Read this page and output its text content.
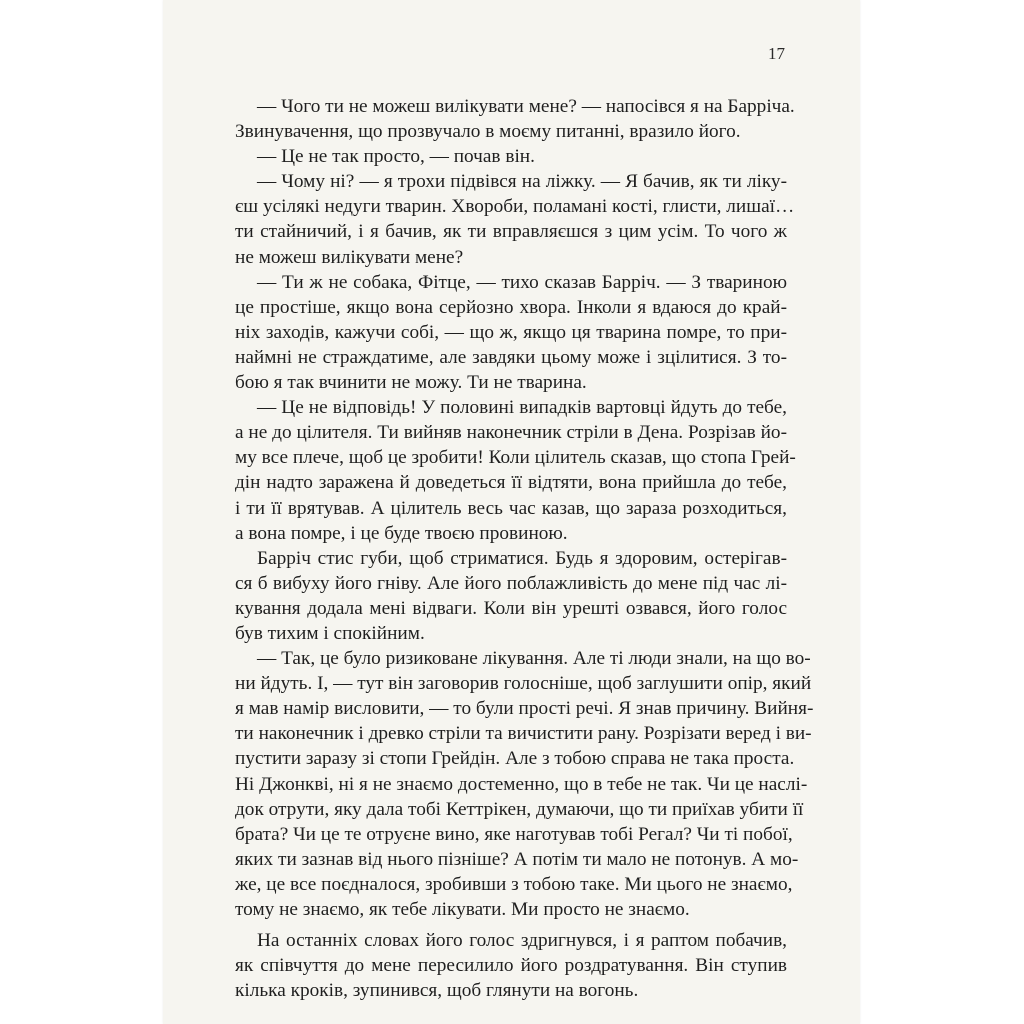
17
— Чого ти не можеш вилікувати мене? — напосівся я на Барріча.
Звинувачення, що прозвучало в моєму питанні, вразило його.
— Це не так просто, — почав він.
— Чому ні? — я трохи підвівся на ліжку. — Я бачив, як ти ліку-
єш усілякі недуги тварин. Хвороби, поламані кості, глисти, лишаї…
ти стайничий, і я бачив, як ти вправляєшся з цим усім. То чого ж
не можеш вилікувати мене?
— Ти ж не собака, Фітце, — тихо сказав Барріч. — З твариною
це простіше, якщо вона серйозно хвора. Інколи я вдаюся до край-
ніх заходів, кажучи собі, — що ж, якщо ця тварина помре, то при-
наймні не страждатиме, але завдяки цьому може і зцілитися. З то-
бою я так вчинити не можу. Ти не тварина.
— Це не відповідь! У половині випадків вартовці йдуть до тебе,
а не до цілителя. Ти вийняв наконечник стріли в Дена. Розрізав йо-
му все плече, щоб це зробити! Коли цілитель сказав, що стопа Грей-
дін надто заражена й доведеться її відтяти, вона прийшла до тебе,
і ти її врятував. А цілитель весь час казав, що зараза розходиться,
а вона помре, і це буде твоєю провиною.
Барріч стис губи, щоб стриматися. Будь я здоровим, остерігав-
ся б вибуху його гніву. Але його поблажливість до мене під час лі-
кування додала мені відваги. Коли він урешті озвався, його голос
був тихим і спокійним.
— Так, це було ризиковане лікування. Але ті люди знали, на що во-
ни йдуть. І, — тут він заговорив голосніше, щоб заглушити опір, який
я мав намір висловити, — то були прості речі. Я знав причину. Вийня-
ти наконечник і древко стріли та вичистити рану. Розрізати веред і ви-
пустити заразу зі стопи Грейдін. Але з тобою справа не така проста.
Ні Джонкві, ні я не знаємо достеменно, що в тебе не так. Чи це наслі-
док отрути, яку дала тобі Кеттрікен, думаючи, що ти приїхав убити її
брата? Чи це те отруєне вино, яке наготував тобі Регал? Чи ті побої,
яких ти зазнав від нього пізніше? А потім ти мало не потонув. А мо-
же, це все поєдналося, зробивши з тобою таке. Ми цього не знаємо,
тому не знаємо, як тебе лікувати. Ми просто не знаємо.
На останніх словах його голос здригнувся, і я раптом побачив,
як співчуття до мене пересилило його роздратування. Він ступив
кілька кроків, зупинився, щоб глянути на вогонь.
